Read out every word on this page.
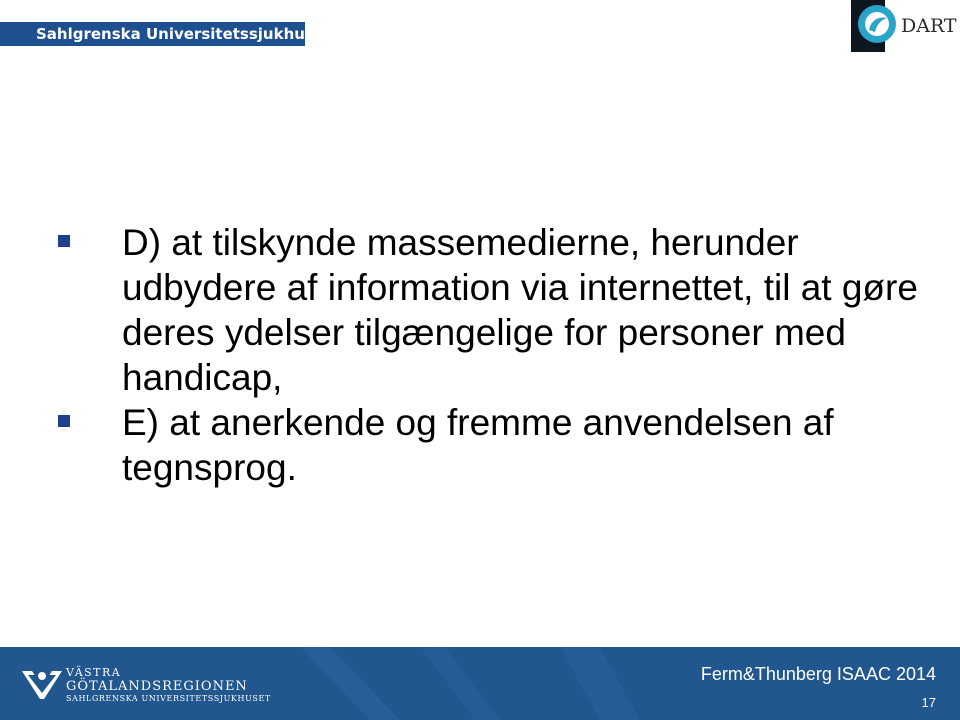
Sahlgrenska Universitetssjukhuset	DART
D) at tilskynde massemedierne, herunder udbydere af information via internettet, til at gøre deres ydelser tilgængelige for personer med handicap,
E) at anerkende og fremme anvendelsen af tegnsprog.
VÄSTRA
GÖTALANDSREGIONEN
SAHLGRENSKA UNIVERSITETSSJUKHUSET
Ferm&Thunberg ISAAC 2014
17
